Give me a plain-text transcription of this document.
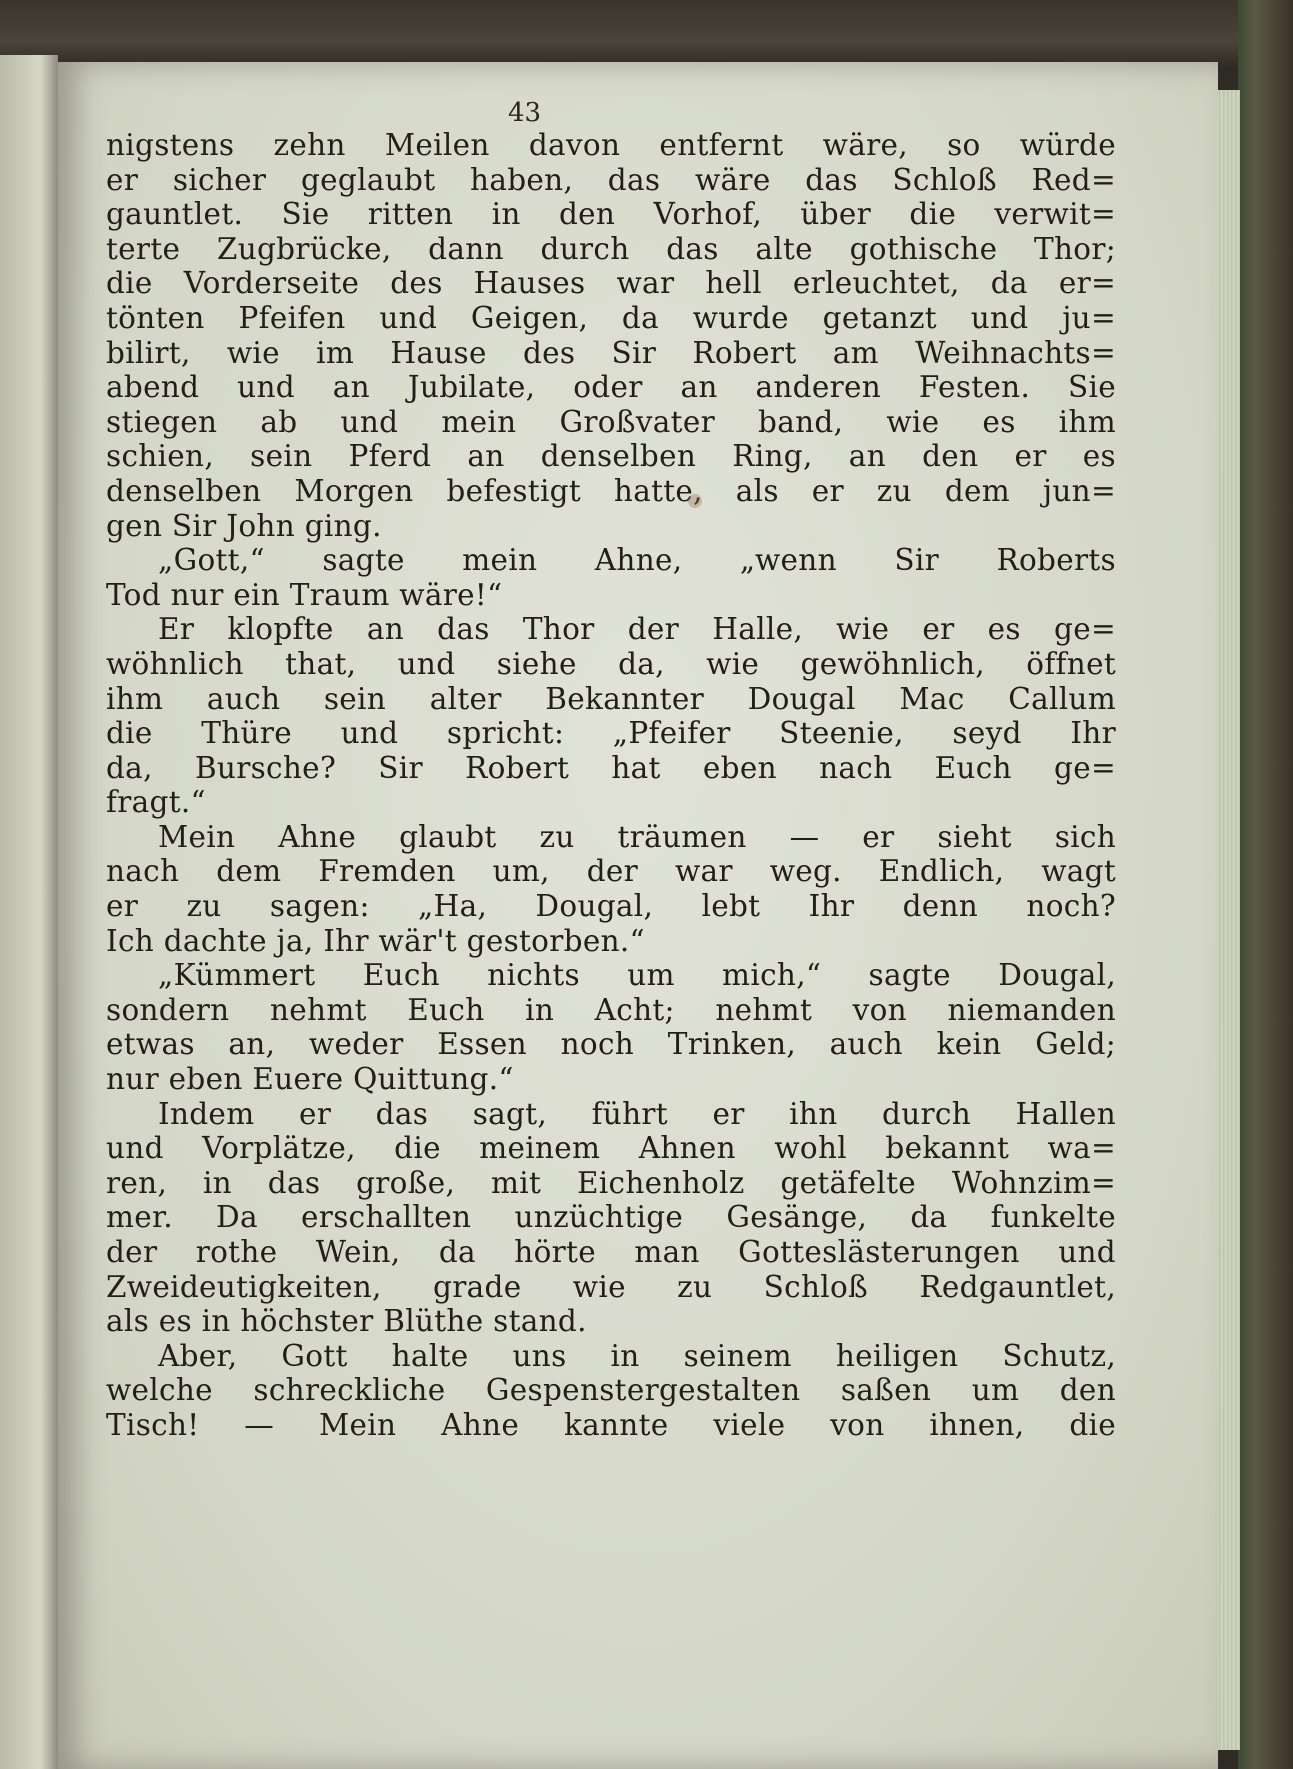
43
nigstens zehn Meilen davon entfernt wäre, so würde
er sicher geglaubt haben, das wäre das Schloß Red=
gauntlet. Sie ritten in den Vorhof, über die verwit=
terte Zugbrücke, dann durch das alte gothische Thor;
die Vorderseite des Hauses war hell erleuchtet, da er=
tönten Pfeifen und Geigen, da wurde getanzt und ju=
bilirt, wie im Hause des Sir Robert am Weihnachts=
abend und an Jubilate, oder an anderen Festen. Sie
stiegen ab und mein Großvater band, wie es ihm
schien, sein Pferd an denselben Ring, an den er es
denselben Morgen befestigt hatte, als er zu dem jun=
gen Sir John ging.
„Gott,“ sagte mein Ahne, „wenn Sir Roberts
Tod nur ein Traum wäre!“
Er klopfte an das Thor der Halle, wie er es ge=
wöhnlich that, und siehe da, wie gewöhnlich, öffnet
ihm auch sein alter Bekannter Dougal Mac Callum
die Thüre und spricht: „Pfeifer Steenie, seyd Ihr
da, Bursche? Sir Robert hat eben nach Euch ge=
fragt.“
Mein Ahne glaubt zu träumen — er sieht sich
nach dem Fremden um, der war weg. Endlich, wagt
er zu sagen: „Ha, Dougal, lebt Ihr denn noch?
Ich dachte ja, Ihr wär't gestorben.“
„Kümmert Euch nichts um mich,“ sagte Dougal,
sondern nehmt Euch in Acht; nehmt von niemanden
etwas an, weder Essen noch Trinken, auch kein Geld;
nur eben Euere Quittung.“
Indem er das sagt, führt er ihn durch Hallen
und Vorplätze, die meinem Ahnen wohl bekannt wa=
ren, in das große, mit Eichenholz getäfelte Wohnzim=
mer. Da erschallten unzüchtige Gesänge, da funkelte
der rothe Wein, da hörte man Gotteslästerungen und
Zweideutigkeiten, grade wie zu Schloß Redgauntlet,
als es in höchster Blüthe stand.
Aber, Gott halte uns in seinem heiligen Schutz,
welche schreckliche Gespenstergestalten saßen um den
Tisch! — Mein Ahne kannte viele von ihnen, die
